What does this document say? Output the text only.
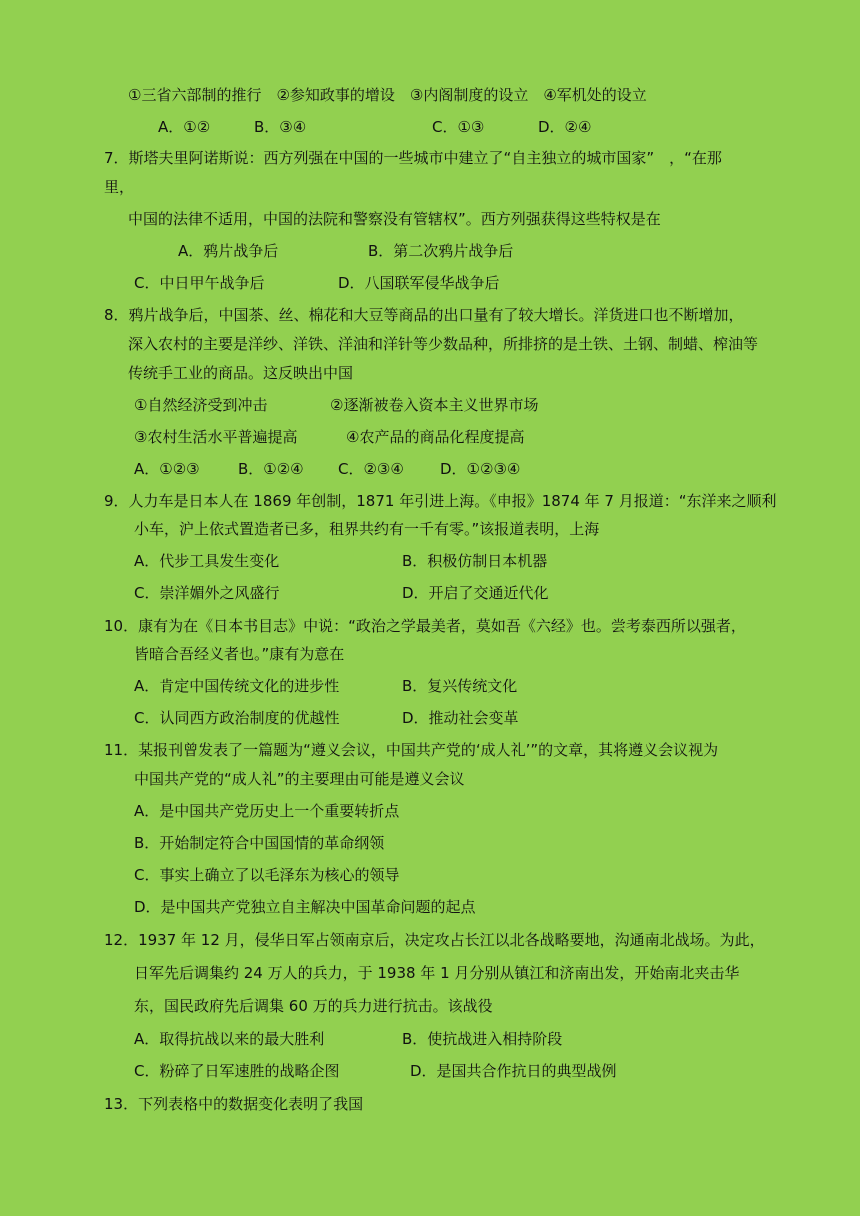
①三省六部制的推行　②参知政事的增设　③内阁制度的设立　④军机处的设立
A．①②	B．③④	C．①③	D．②④
7．斯塔夫里阿诺斯说：西方列强在中国的一些城市中建立了“自主独立的城市国家”　，“在那
里，
中国的法律不适用，中国的法院和警察没有管辖权”。西方列强获得这些特权是在
A．鸦片战争后	B．第二次鸦片战争后
C．中日甲午战争后	D．八国联军侵华战争后
8．鸦片战争后，中国茶、丝、棉花和大豆等商品的出口量有了较大增长。洋货进口也不断增加，
深入农村的主要是洋纱、洋铁、洋油和洋针等少数品种，所排挤的是土铁、土钢、制蜡、榨油等
传统手工业的商品。这反映出中国
①自然经济受到冲击	②逐渐被卷入资本主义世界市场
③农村生活水平普遍提高	④农产品的商品化程度提高
A．①②③	B．①②④ C．②③④ D．①②③④
9．人力车是日本人在 1869 年创制，1871 年引进上海。《申报》1874 年 7 月报道：“东洋来之顺利
小车，沪上依式置造者已多，租界共约有一千有零。”该报道表明，上海
A．代步工具发生变化	B．积极仿制日本机器
C．崇洋媚外之风盛行	D．开启了交通近代化
10．康有为在《日本书目志》中说：“政治之学最美者，莫如吾《六经》也。尝考泰西所以强者，
皆暗合吾经义者也。”康有为意在
A．肯定中国传统文化的进步性	B．复兴传统文化
C．认同西方政治制度的优越性	D．推动社会变革
11．某报刊曾发表了一篇题为“遵义会议，中国共产党的‘成人礼’”的文章，其将遵义会议视为
中国共产党的“成人礼”的主要理由可能是遵义会议
A．是中国共产党历史上一个重要转折点
B．开始制定符合中国国情的革命纲领
C．事实上确立了以毛泽东为核心的领导
D．是中国共产党独立自主解决中国革命问题的起点
12．1937 年 12 月，侵华日军占领南京后，决定攻占长江以北各战略要地，沟通南北战场。为此，
日军先后调集约 24 万人的兵力，于 1938 年 1 月分别从镇江和济南出发，开始南北夹击华
东，国民政府先后调集 60 万的兵力进行抗击。该战役
A．取得抗战以来的最大胜利	B．使抗战进入相持阶段
C．粉碎了日军速胜的战略企图	D．是国共合作抗日的典型战例
13．下列表格中的数据变化表明了我国
